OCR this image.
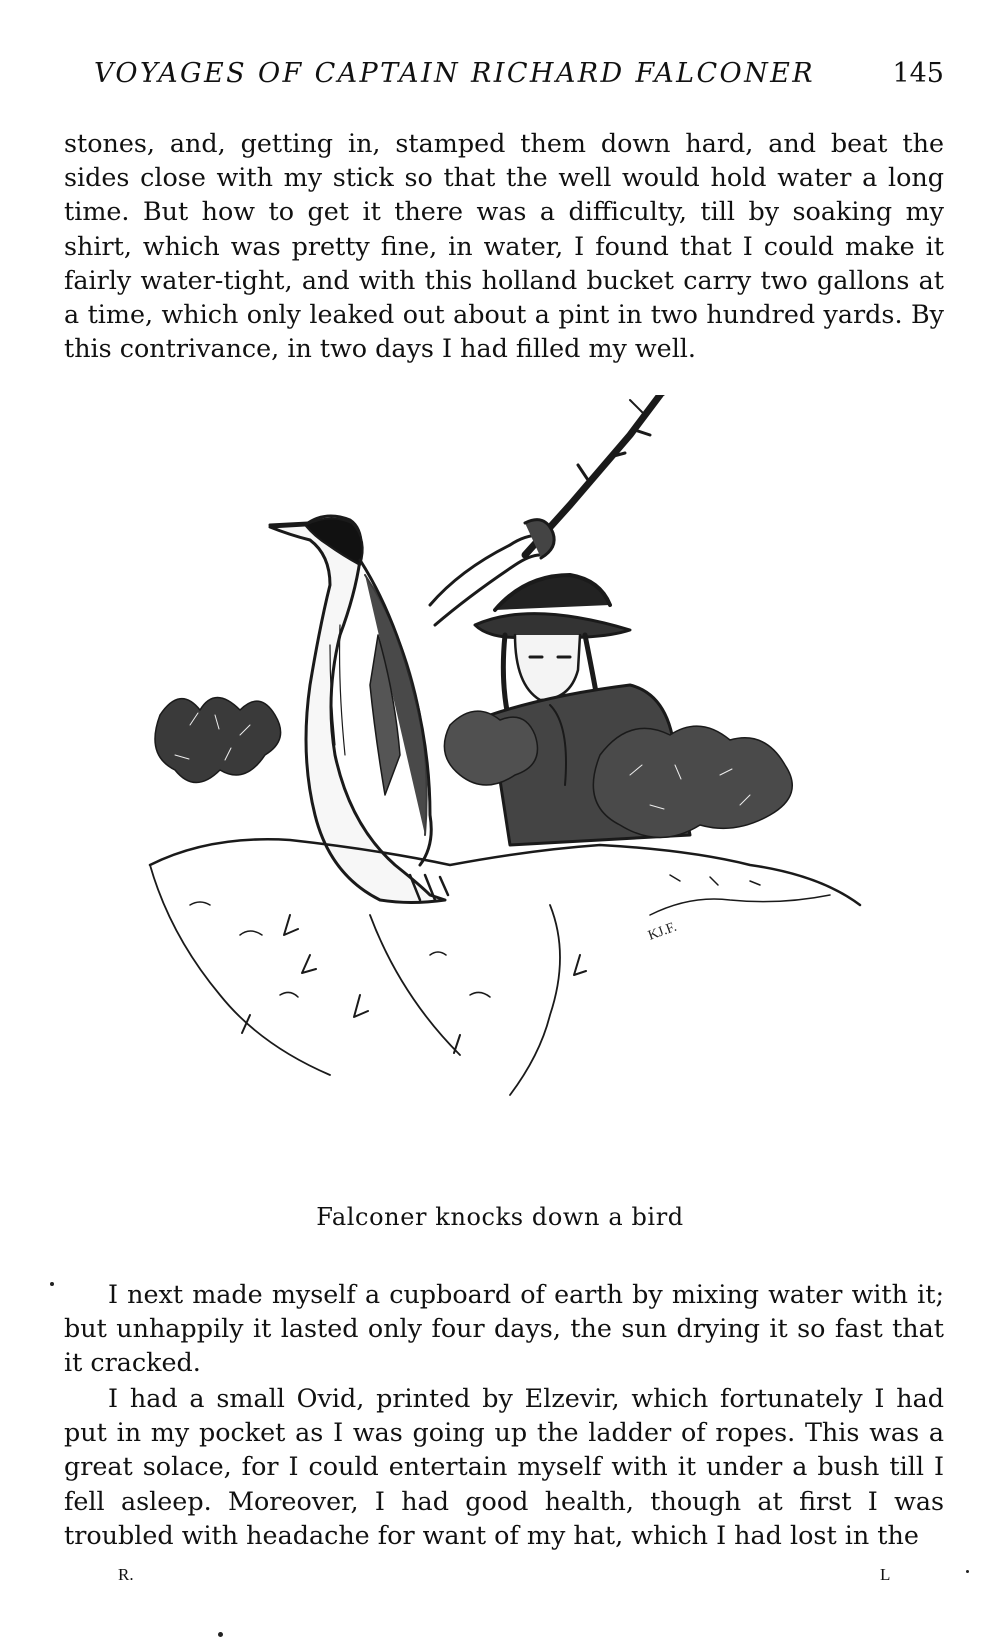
VOYAGES OF CAPTAIN RICHARD FALCONER	145

stones, and, getting in, stamped them down hard, and beat the sides close with my stick so that the well would hold water a long time. But how to get it there was a difficulty, till by soaking my shirt, which was pretty fine, in water, I found that I could make it fairly water-tight, and with this holland bucket carry two gallons at a time, which only leaked out about a pint in two hundred yards. By this contrivance, in two days I had filled my well.

KJ.F.
Falconer knocks down a bird

I next made myself a cupboard of earth by mixing water with it; but unhappily it lasted only four days, the sun drying it so fast that it cracked.

I had a small Ovid, printed by Elzevir, which fortunately I had put in my pocket as I was going up the ladder of ropes. This was a great solace, for I could entertain myself with it under a bush till I fell asleep. Moreover, I had good health, though at first I was troubled with headache for want of my hat, which I had lost in the

R.	L
